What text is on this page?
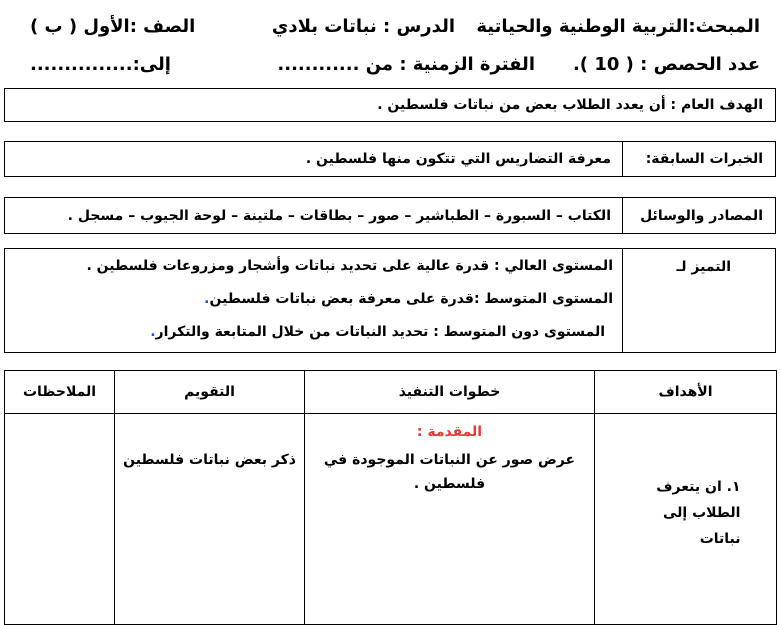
المبحث:التربية الوطنية والحياتية
الدرس : نباتات بلادي
الصف :الأول ( ب )
عدد الحصص : ( 10 ).
الفترة الزمنية : من ............
إلى:...............
الهدف العام : أن يعدد الطلاب بعض من نباتات فلسطين .
الخبرات السابقة:
معرفة التضاريس التي تتكون منها فلسطين .
المصادر والوسائل
الكتاب – السبورة – الطباشير – صور – بطاقات – ملتينة – لوحة الجيوب – مسجل .
التميز لـ
المستوى العالي : قدرة عالية على تحديد نباتات وأشجار ومزروعات فلسطين .
المستوى المتوسط :قدرة على معرفة بعض نباتات فلسطين.
المستوى دون المتوسط : تحديد النباتات من خلال المتابعة والتكرار.
الأهداف	خطوات التنفيذ	التقويم	الملاحظات

١. ان يتعرف الطلاب إلى نباتات	المقدمة :
عرض صور عن النباتات الموجودة في
فلسطين .	ذكر بعض نباتات فلسطين	
